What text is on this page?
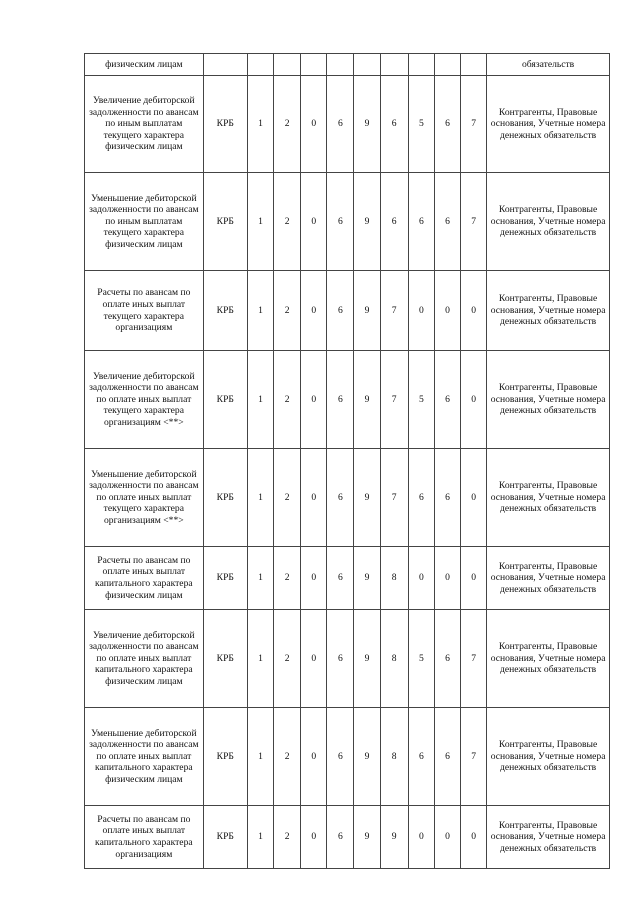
физическим лицам											обязательств
Увеличение дебиторской задолженности по авансам по иным выплатам текущего характера физическим лицам	КРБ	1	2	0	6	9	6	5	6	7	Контрагенты, Правовые основания, Учетные номера денежных обязательств
Уменьшение дебиторской задолженности по авансам по иным выплатам текущего характера физическим лицам	КРБ	1	2	0	6	9	6	6	6	7	Контрагенты, Правовые основания, Учетные номера денежных обязательств
Расчеты по авансам по оплате иных выплат текущего характера организациям	КРБ	1	2	0	6	9	7	0	0	0	Контрагенты, Правовые основания, Учетные номера денежных обязательств
Увеличение дебиторской задолженности по авансам по оплате иных выплат текущего характера организациям <**>	КРБ	1	2	0	6	9	7	5	6	0	Контрагенты, Правовые основания, Учетные номера денежных обязательств
Уменьшение дебиторской задолженности по авансам по оплате иных выплат текущего характера организациям <**>	КРБ	1	2	0	6	9	7	6	6	0	Контрагенты, Правовые основания, Учетные номера денежных обязательств
Расчеты по авансам по оплате иных выплат капитального характера физическим лицам	КРБ	1	2	0	6	9	8	0	0	0	Контрагенты, Правовые основания, Учетные номера денежных обязательств
Увеличение дебиторской задолженности по авансам по оплате иных выплат капитального характера физическим лицам	КРБ	1	2	0	6	9	8	5	6	7	Контрагенты, Правовые основания, Учетные номера денежных обязательств
Уменьшение дебиторской задолженности по авансам по оплате иных выплат капитального характера физическим лицам	КРБ	1	2	0	6	9	8	6	6	7	Контрагенты, Правовые основания, Учетные номера денежных обязательств
Расчеты по авансам по оплате иных выплат капитального характера организациям	КРБ	1	2	0	6	9	9	0	0	0	Контрагенты, Правовые основания, Учетные номера денежных обязательств
